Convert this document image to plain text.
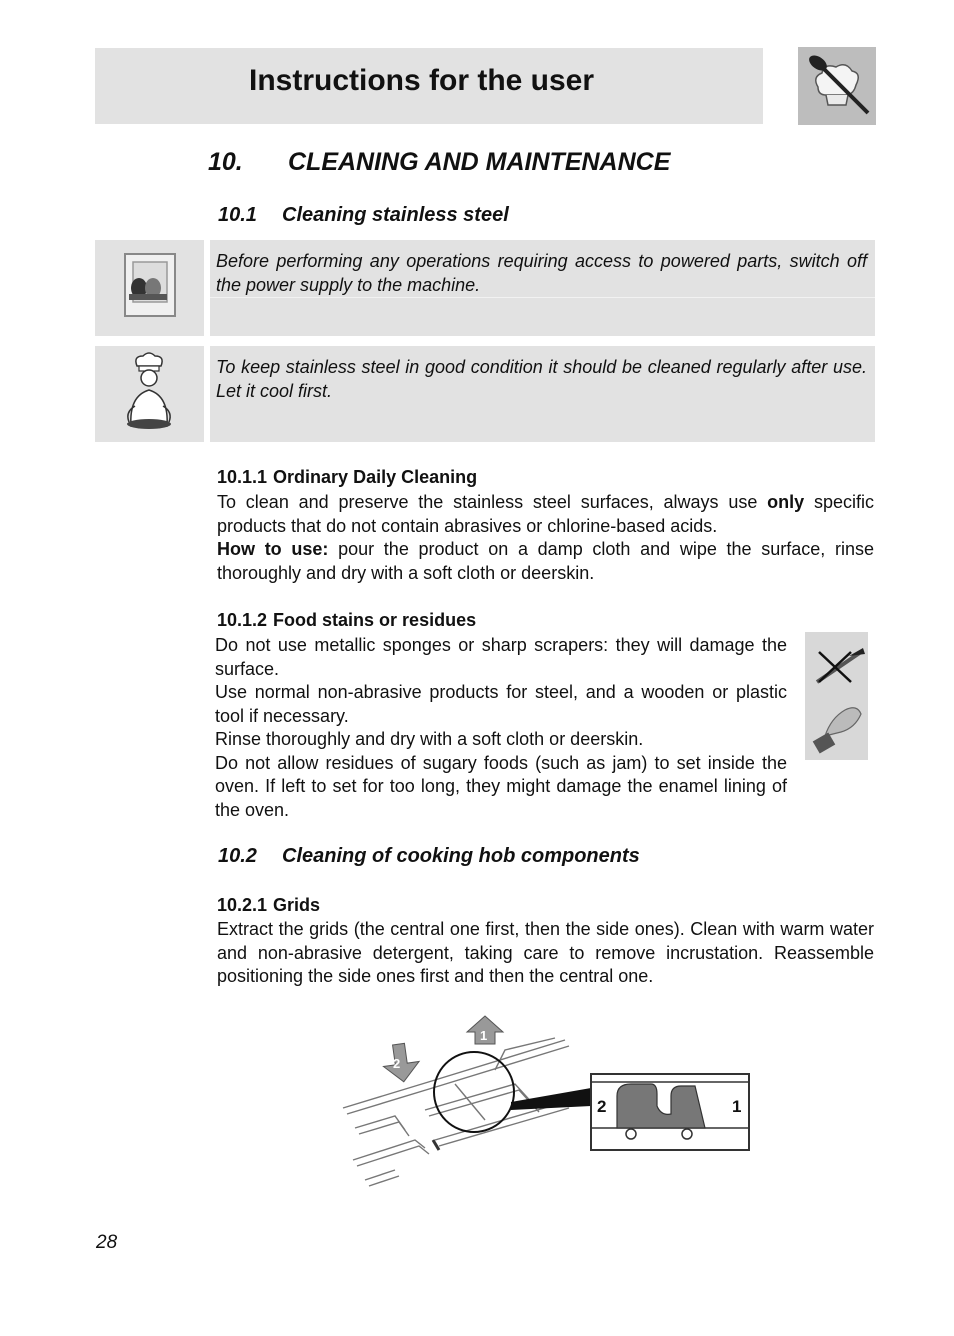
Instructions for the user
10. CLEANING AND MAINTENANCE
10.1 Cleaning stainless steel
Before performing any operations requiring access to powered parts, switch off the power supply to the machine.
To keep stainless steel in good condition it should be cleaned regularly after use. Let it cool first.
10.1.1 Ordinary Daily Cleaning

To clean and preserve the stainless steel surfaces, always use only specific products that do not contain abrasives or chlorine-based acids.

How to use: pour the product on a damp cloth and wipe the surface, rinse thoroughly and dry with a soft cloth or deerskin.

10.1.2 Food stains or residues

Do not use metallic sponges or sharp scrapers: they will damage the surface.

Use normal non-abrasive products for steel, and a wooden or plastic tool if necessary.

Rinse thoroughly and dry with a soft cloth or deerskin.

Do not allow residues of sugary foods (such as jam) to set inside the oven. If left to set for too long, they might damage the enamel lining of the oven.

10.2 Cleaning of cooking hob components
10.2.1 Grids

Extract the grids (the central one first, then the side ones). Clean with warm water and non-abrasive detergent, taking care to remove incrustation. Reassemble positioning the side ones first and then the central one.

2
1
2	1
28
